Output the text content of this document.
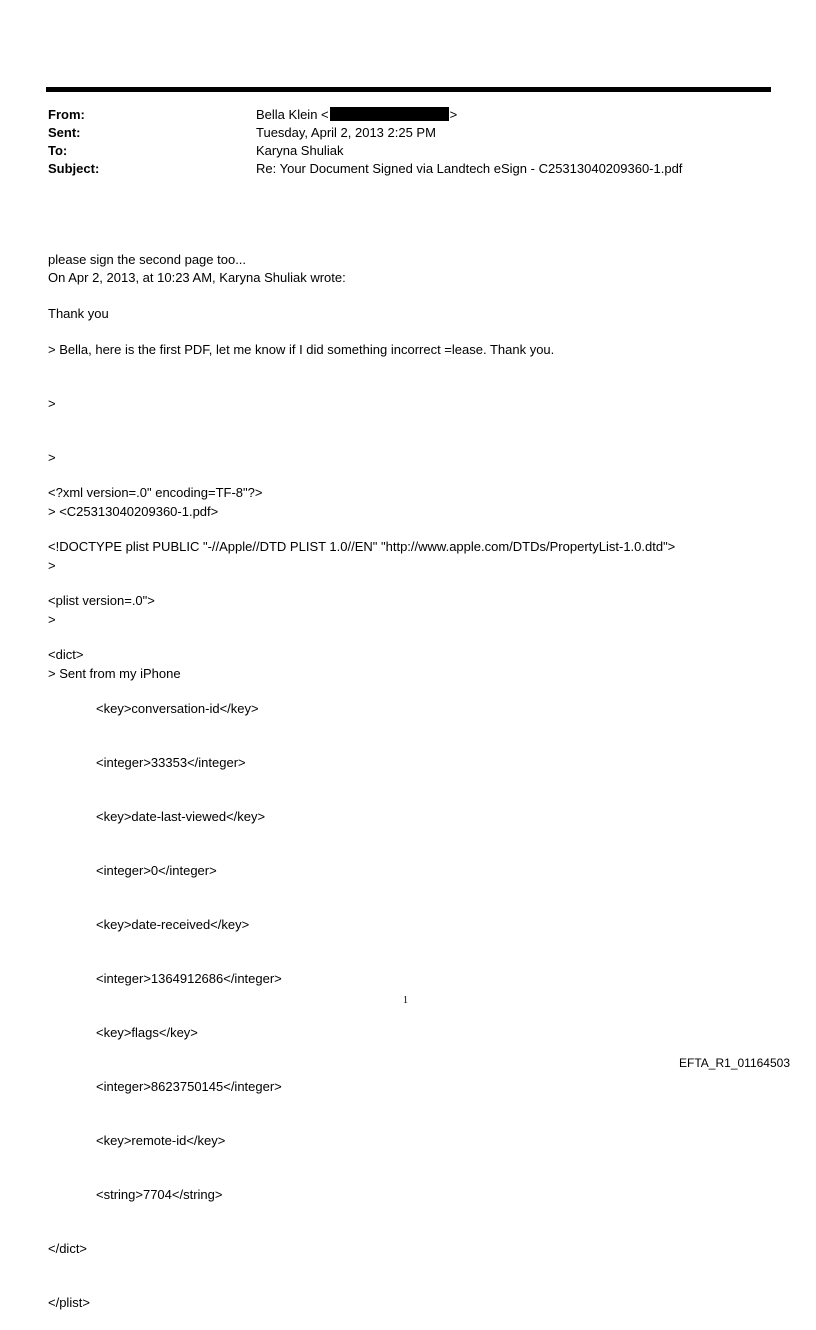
From:	Bella Klein <	>
Sent:	Tuesday, April 2, 2013 2:25 PM
To:	Karyna Shuliak
Subject:	Re: Your Document Signed via Landtech eSign - C25313040209360-1.pdf

please sign the second page too...

Thank you

On Apr 2, 2013, at 10:23 AM, Karyna Shuliak wrote:

> Bella, here is the first PDF, let me know if I did something incorrect =lease. Thank you.

>

>

> <C25313040209360-1.pdf>

>

>

> Sent from my iPhone

<?xml version=.0" encoding=TF-8"?>

<!DOCTYPE plist PUBLIC "-//Apple//DTD PLIST 1.0//EN" "http://www.apple.com/DTDs/PropertyList-1.0.dtd">

<plist version=.0">

<dict>

<key>conversation-id</key>

<integer>33353</integer>

<key>date-last-viewed</key>

<integer>0</integer>

<key>date-received</key>

<integer>1364912686</integer>

<key>flags</key>

<integer>8623750145</integer>

<key>remote-id</key>

<string>7704</string>

</dict>

</plist>

1
EFTA_R1_01164503
